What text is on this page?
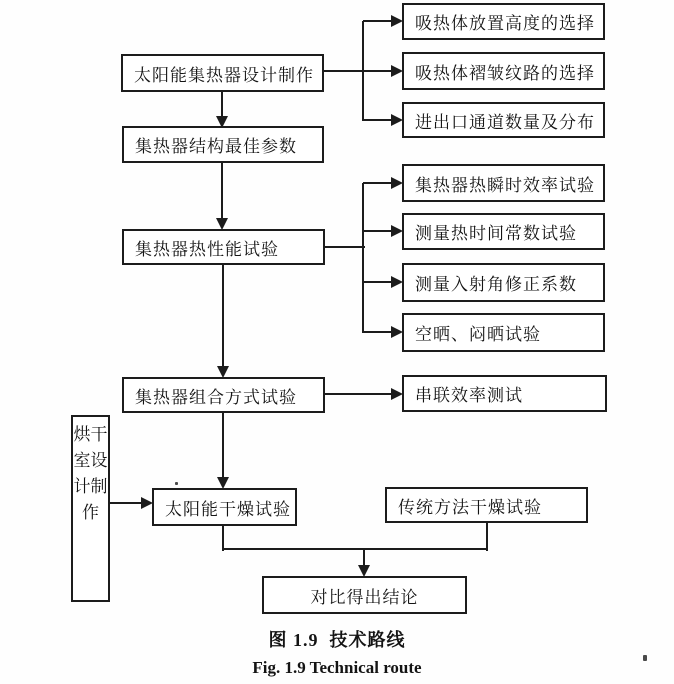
太阳能集热器设计制作
集热器结构最佳参数
集热器热性能试验
集热器组合方式试验
太阳能干燥试验	传统方法干燥试验
对比得出结论
烘干室设计制作
吸热体放置高度的选择
吸热体褶皱纹路的选择
进出口通道数量及分布
集热器热瞬时效率试验
测量热时间常数试验
测量入射角修正系数
空晒、闷晒试验
串联效率测试
图 1.9  技术路线
Fig. 1.9 Technical route
